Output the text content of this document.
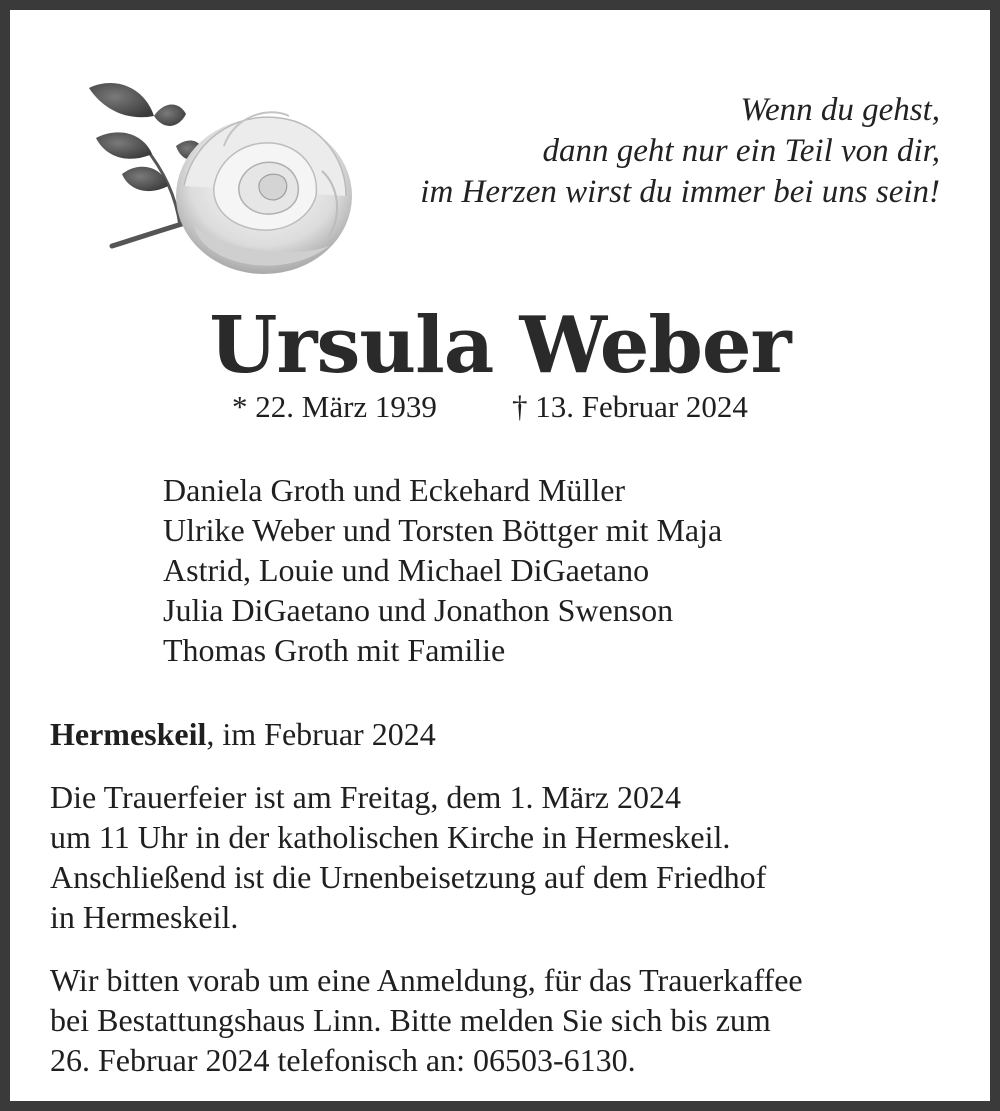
Wenn du gehst,
dann geht nur ein Teil von dir,
im Herzen wirst du immer bei uns sein!
Ursula Weber
* 22. März 1939 † 13. Februar 2024
Daniela Groth und Eckehard Müller
Ulrike Weber und Torsten Böttger mit Maja
Astrid, Louie und Michael DiGaetano
Julia DiGaetano und Jonathon Swenson
Thomas Groth mit Familie
Hermeskeil, im Februar 2024
Die Trauerfeier ist am Freitag, dem 1. März 2024
um 11 Uhr in der katholischen Kirche in Hermeskeil.
Anschließend ist die Urnenbeisetzung auf dem Friedhof
in Hermeskeil.
Wir bitten vorab um eine Anmeldung, für das Trauerkaffee
bei Bestattungshaus Linn. Bitte melden Sie sich bis zum
26. Februar 2024 telefonisch an: 06503-6130.
